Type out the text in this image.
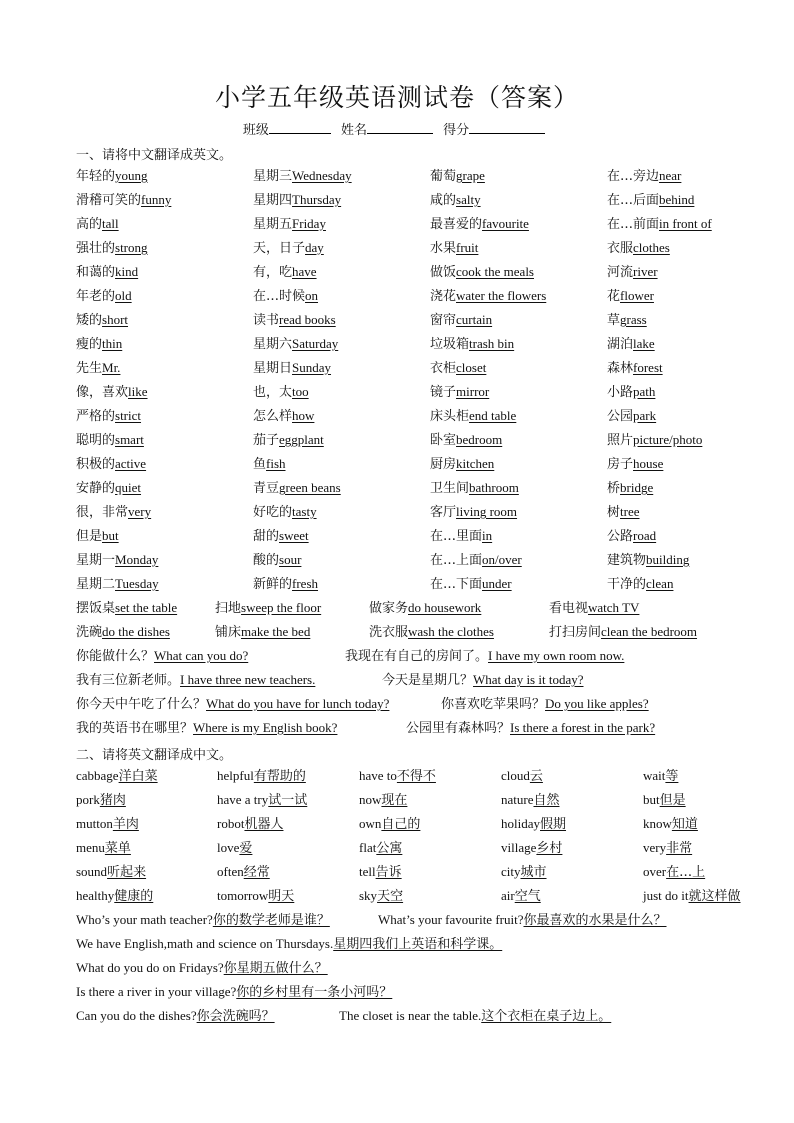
小学五年级英语测试卷（答案）
班级	姓名	得分
一、请将中文翻译成英文。
年轻的young	星期三Wednesday	葡萄grape	在…旁边near
滑稽可笑的funny	星期四Thursday	咸的salty	在…后面behind
高的tall	星期五Friday	最喜爱的favourite	在…前面in front of
强壮的strong	天，日子day	水果fruit	衣服clothes
和蔼的kind	有，吃have	做饭cook the meals	河流river
年老的old	在…时候on	浇花water the flowers	花flower
矮的short	读书read books	窗帘curtain	草grass
瘦的thin	星期六Saturday	垃圾箱trash bin	湖泊lake
先生Mr.	星期日Sunday	衣柜closet	森林forest
像，喜欢like	也，太too	镜子mirror	小路path
严格的strict	怎么样how	床头柜end table	公园park
聪明的smart	茄子eggplant	卧室bedroom	照片picture/photo
积极的active	鱼fish	厨房kitchen	房子house
安静的quiet	青豆green beans	卫生间bathroom	桥bridge
很，非常very	好吃的tasty	客厅living room	树tree
但是but	甜的sweet	在…里面in	公路road
星期一Monday	酸的sour	在…上面on/over	建筑物building
星期二Tuesday	新鲜的fresh	在…下面under	干净的clean
摆饭桌set the table	扫地sweep the floor	做家务do housework	看电视watch TV
洗碗do the dishes	铺床make the bed	洗衣服wash the clothes	打扫房间clean the bedroom
你能做什么？What can you do?	我现在有自己的房间了。I have my own room now.
我有三位新老师。I have three new teachers.	今天是星期几？What day is it today?
你今天中午吃了什么？What do you have for lunch today?	你喜欢吃苹果吗？Do you like apples?
我的英语书在哪里？Where is my English book?	公园里有森林吗？Is there a forest in the park?
二、请将英文翻译成中文。
cabbage洋白菜	helpful有帮助的	have to不得不	cloud云	wait等
pork猪肉	have a try试一试	now现在	nature自然	but但是
mutton羊肉	robot机器人	own自己的	holiday假期	know知道
menu菜单	love爱	flat公寓	village乡村	very非常
sound听起来	often经常	tell告诉	city城市	over在…上
healthy健康的	tomorrow明天	sky天空	air空气	just do it就这样做
Who’s your math teacher?你的数学老师是谁？	What’s your favourite fruit?你最喜欢的水果是什么？
We have English,math and science on Thursdays.星期四我们上英语和科学课。
What do you do on Fridays?你星期五做什么？
Is there a river in your village?你的乡村里有一条小河吗？
Can you do the dishes?你会洗碗吗？	The closet is near the table.这个衣柜在桌子边上。
